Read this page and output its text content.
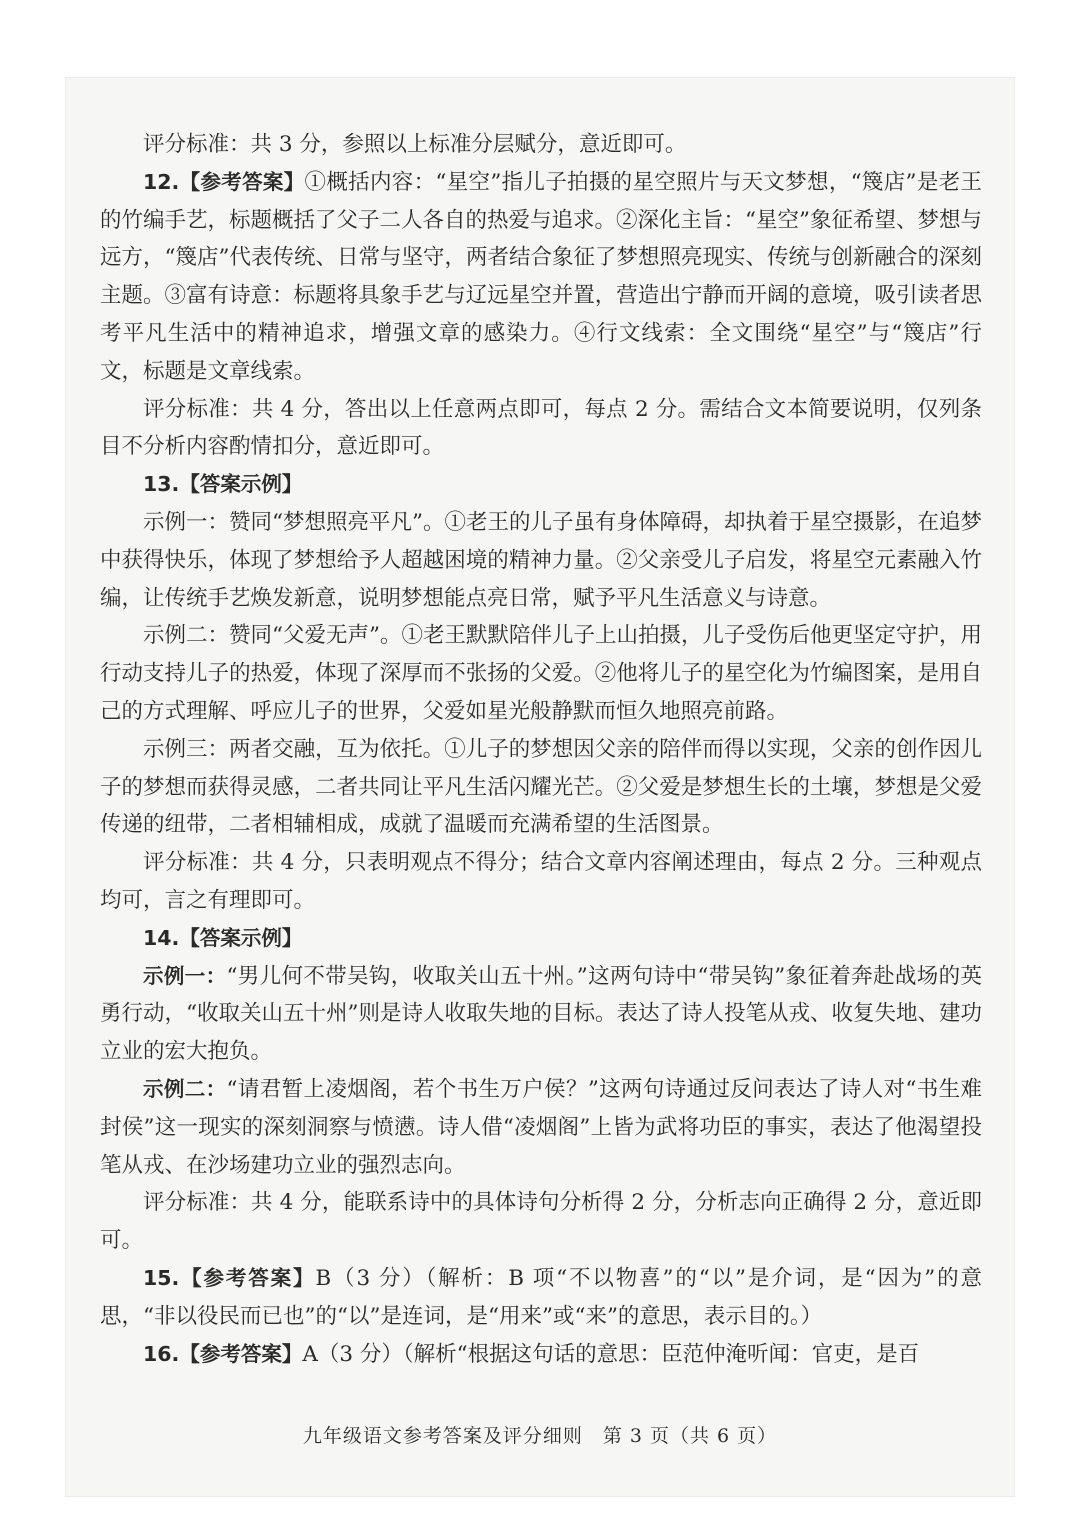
评分标准：共 3 分，参照以上标准分层赋分，意近即可。

12.【参考答案】①概括内容：“星空”指儿子拍摄的星空照片与天文梦想，“篾店”是老王的竹编手艺，标题概括了父子二人各自的热爱与追求。②深化主旨：“星空”象征希望、梦想与远方，“篾店”代表传统、日常与坚守，两者结合象征了梦想照亮现实、传统与创新融合的深刻主题。③富有诗意：标题将具象手艺与辽远星空并置，营造出宁静而开阔的意境，吸引读者思考平凡生活中的精神追求，增强文章的感染力。④行文线索：全文围绕“星空”与“篾店”行文，标题是文章线索。

评分标准：共 4 分，答出以上任意两点即可，每点 2 分。需结合文本简要说明，仅列条目不分析内容酌情扣分，意近即可。

13.【答案示例】

示例一：赞同“梦想照亮平凡”。①老王的儿子虽有身体障碍，却执着于星空摄影，在追梦中获得快乐，体现了梦想给予人超越困境的精神力量。②父亲受儿子启发，将星空元素融入竹编，让传统手艺焕发新意，说明梦想能点亮日常，赋予平凡生活意义与诗意。

示例二：赞同“父爱无声”。①老王默默陪伴儿子上山拍摄，儿子受伤后他更坚定守护，用行动支持儿子的热爱，体现了深厚而不张扬的父爱。②他将儿子的星空化为竹编图案，是用自己的方式理解、呼应儿子的世界，父爱如星光般静默而恒久地照亮前路。

示例三：两者交融，互为依托。①儿子的梦想因父亲的陪伴而得以实现，父亲的创作因儿子的梦想而获得灵感，二者共同让平凡生活闪耀光芒。②父爱是梦想生长的土壤，梦想是父爱传递的纽带，二者相辅相成，成就了温暖而充满希望的生活图景。

评分标准：共 4 分，只表明观点不得分；结合文章内容阐述理由，每点 2 分。三种观点均可，言之有理即可。

14.【答案示例】

示例一：“男儿何不带吴钩，收取关山五十州。”这两句诗中“带吴钩”象征着奔赴战场的英勇行动，“收取关山五十州”则是诗人收取失地的目标。表达了诗人投笔从戎、收复失地、建功立业的宏大抱负。

示例二：“请君暂上凌烟阁，若个书生万户侯？”这两句诗通过反问表达了诗人对“书生难封侯”这一现实的深刻洞察与愤懑。诗人借“凌烟阁”上皆为武将功臣的事实，表达了他渴望投笔从戎、在沙场建功立业的强烈志向。

评分标准：共 4 分，能联系诗中的具体诗句分析得 2 分，分析志向正确得 2 分，意近即可。

15.【参考答案】B（3 分）（解析：B 项“不以物喜”的“以”是介词，是“因为”的意思，“非以役民而已也”的“以”是连词，是“用来”或“来”的意思，表示目的。）

16.【参考答案】A（3 分）（解析“根据这句话的意思：臣范仲淹听闻：官吏，是百

九年级语文参考答案及评分细则　第 3 页（共 6 页）
